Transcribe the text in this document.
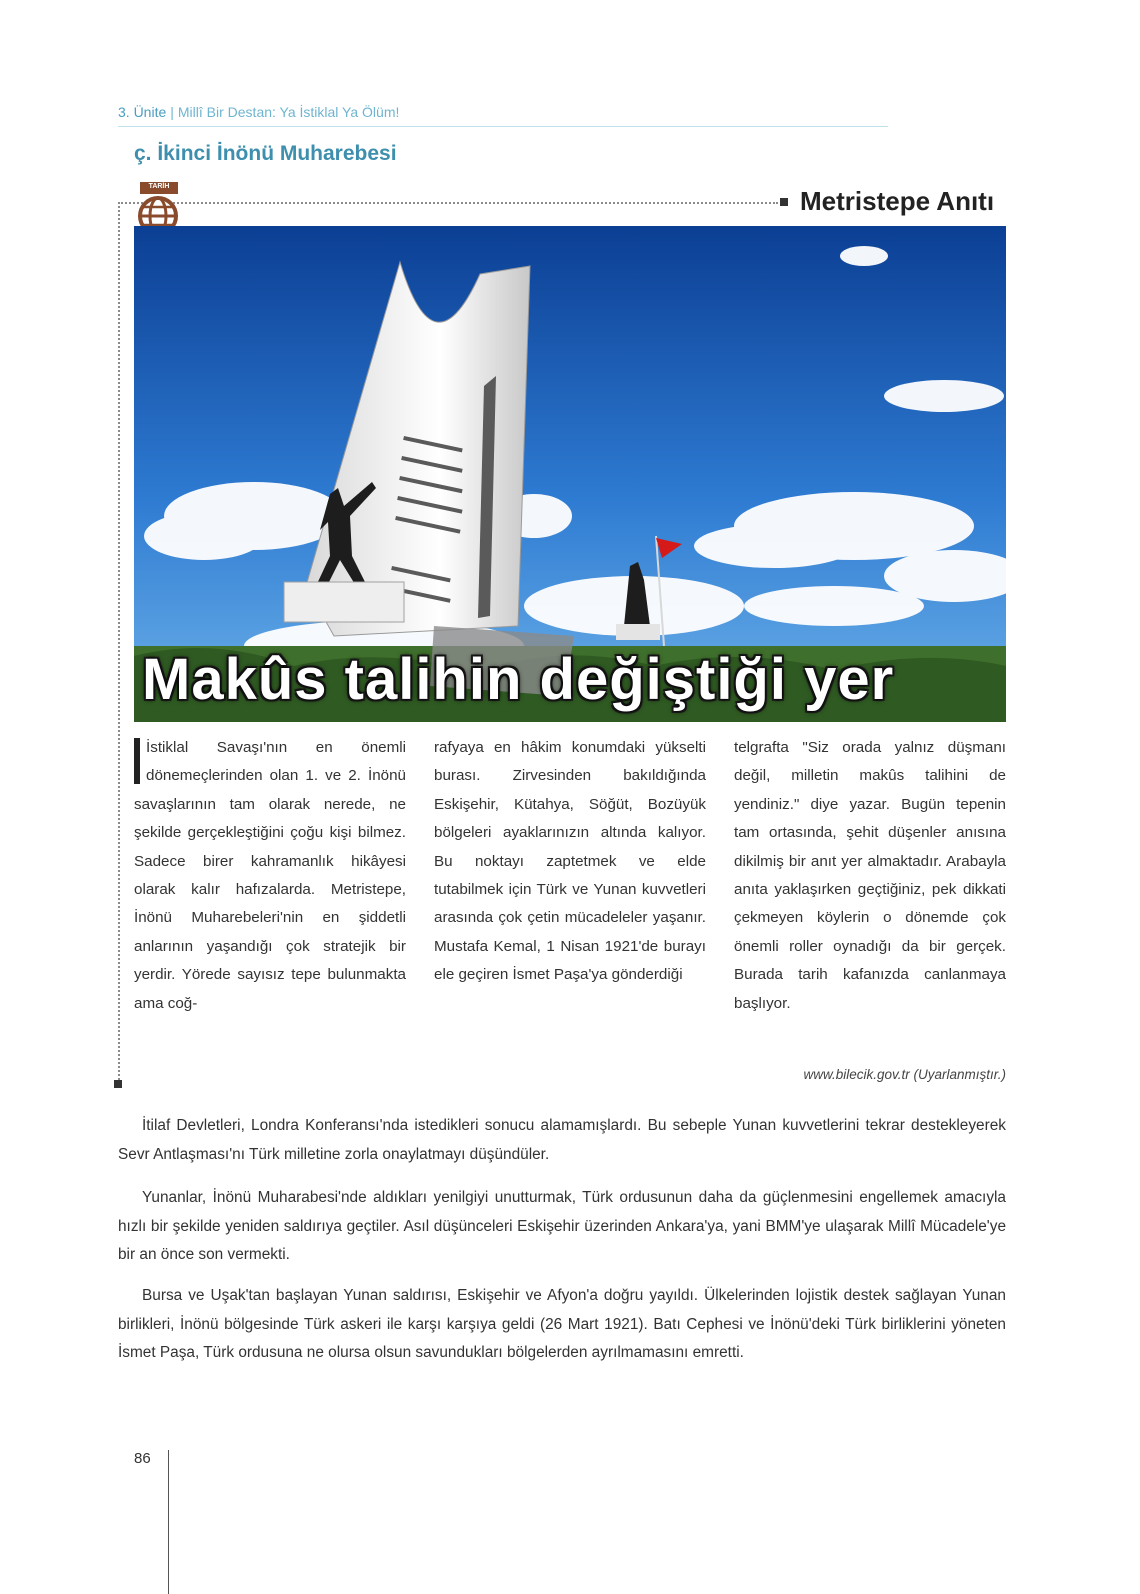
3. Ünite | Millî Bir Destan: Ya İstiklal Ya Ölüm!
ç. İkinci İnönü Muharebesi
Metristepe Anıtı
TARİH
Makûs talihin değiştiği yer

İstiklal Savaşı'nın en önemli dönemeçlerinden olan 1. ve 2. İnönü savaşlarının tam olarak nerede, ne şekilde gerçekleştiğini çoğu kişi bilmez. Sadece birer kahramanlık hikâyesi olarak kalır hafızalarda. Metristepe, İnönü Muharebeleri'nin en şiddetli anlarının yaşandığı çok stratejik bir yerdir. Yörede sayısız tepe bulunmakta ama coğ-

rafyaya en hâkim konumdaki yükselti burası. Zirvesinden bakıldığında Eskişehir, Kütahya, Söğüt, Bozüyük bölgeleri ayaklarınızın altında kalıyor. Bu noktayı zaptetmek ve elde tutabilmek için Türk ve Yunan kuvvetleri arasında çok çetin mücadeleler yaşanır. Mustafa Kemal, 1 Nisan 1921'de burayı ele geçiren İsmet Paşa'ya gönderdiği

telgrafta "Siz orada yalnız düşmanı değil, milletin makûs talihini de yendiniz." diye yazar. Bugün tepenin tam ortasında, şehit düşenler anısına dikilmiş bir anıt yer almaktadır. Arabayla anıta yaklaşırken geçtiğiniz, pek dikkati çekmeyen köylerin o dönemde çok önemli roller oynadığı da bir gerçek. Burada tarih kafanızda canlanmaya başlıyor.

www.bilecik.gov.tr (Uyarlanmıştır.)

İtilaf Devletleri, Londra Konferansı'nda istedikleri sonucu alamamışlardı. Bu sebeple Yunan kuvvetlerini tekrar destekleyerek Sevr Antlaşması'nı Türk milletine zorla onaylatmayı düşündüler.

Yunanlar, İnönü Muharabesi'nde aldıkları yenilgiyi unutturmak, Türk ordusunun daha da güçlenmesini engellemek amacıyla hızlı bir şekilde yeniden saldırıya geçtiler. Asıl düşünceleri Eskişehir üzerinden Ankara'ya, yani BMM'ye ulaşarak Millî Mücadele'ye bir an önce son vermekti.

Bursa ve Uşak'tan başlayan Yunan saldırısı, Eskişehir ve Afyon'a doğru yayıldı. Ülkelerinden lojistik destek sağlayan Yunan birlikleri, İnönü bölgesinde Türk askeri ile karşı karşıya geldi (26 Mart 1921). Batı Cephesi ve İnönü'deki Türk birliklerini yöneten İsmet Paşa, Türk ordusuna ne olursa olsun savundukları bölgelerden ayrılmamasını emretti.

86
